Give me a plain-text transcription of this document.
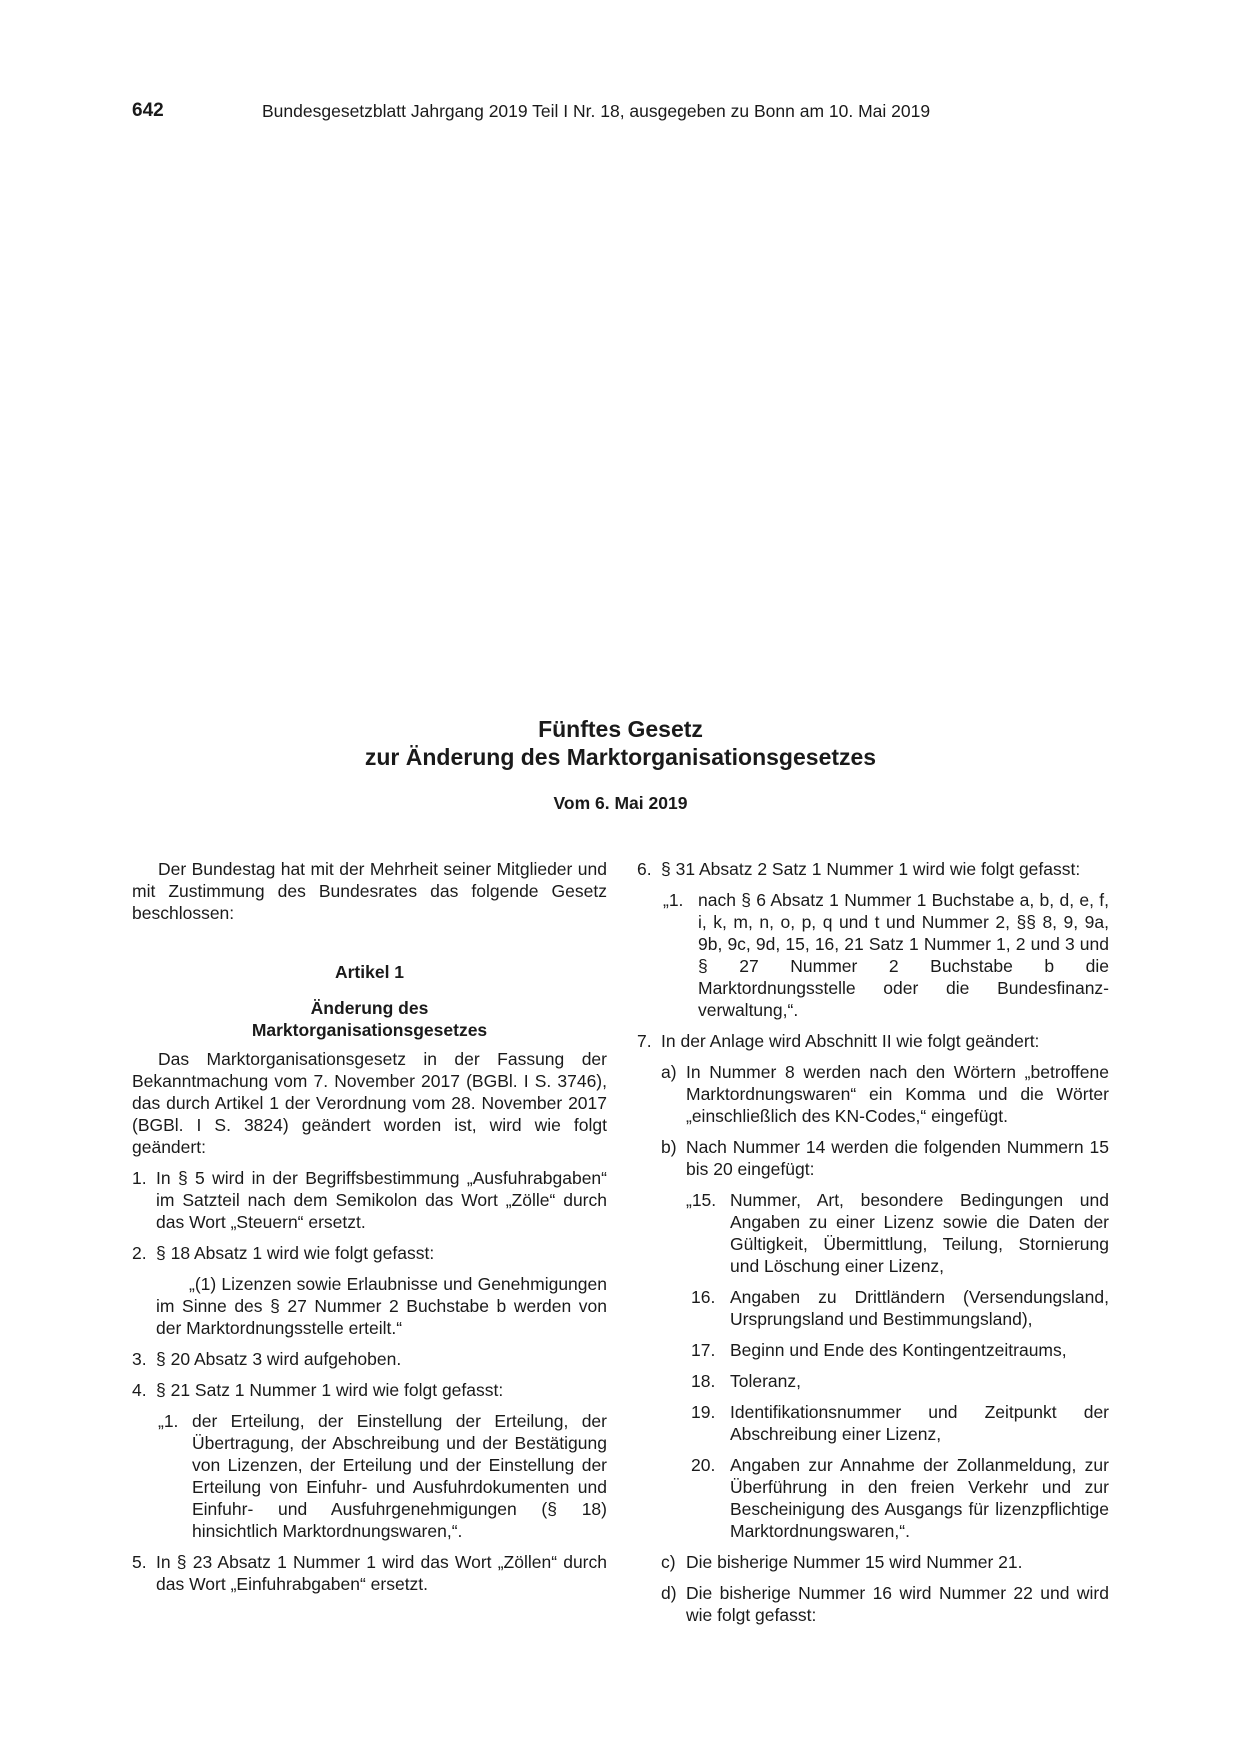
642	Bundesgesetzblatt Jahrgang 2019 Teil I Nr. 18, ausgegeben zu Bonn am 10. Mai 2019
Fünftes Gesetz
zur Änderung des Marktorganisationsgesetzes
Vom 6. Mai 2019

Der Bundestag hat mit der Mehrheit seiner Mitglieder und mit Zustimmung des Bundesrates das folgende Gesetz beschlossen:

Artikel 1

Änderung des

Marktorganisationsgesetzes

Das Marktorganisationsgesetz in der Fassung der Bekanntmachung vom 7. November 2017 (BGBl. I S. 3746), das durch Artikel 1 der Verordnung vom 28. November 2017 (BGBl. I S. 3824) geändert worden ist, wird wie folgt geändert:

1. In § 5 wird in der Begriffsbestimmung „Ausfuhrabgaben“ im Satzteil nach dem Semikolon das Wort „Zölle“ durch das Wort „Steuern“ ersetzt.
2. § 18 Absatz 1 wird wie folgt gefasst:

„(1) Lizenzen sowie Erlaubnisse und Genehmigungen im Sinne des § 27 Nummer 2 Buchstabe b werden von der Marktordnungsstelle erteilt.“

3. § 20 Absatz 3 wird aufgehoben.
4. § 21 Satz 1 Nummer 1 wird wie folgt gefasst:
„1. der Erteilung, der Einstellung der Erteilung, der Übertragung, der Abschreibung und der Bestätigung von Lizenzen, der Erteilung und der Einstellung der Erteilung von Einfuhr- und Ausfuhrdokumenten und Einfuhr- und Ausfuhrgenehmigungen (§ 18) hinsichtlich Marktordnungswaren,“.
5. In § 23 Absatz 1 Nummer 1 wird das Wort „Zöllen“ durch das Wort „Einfuhrabgaben“ ersetzt.
6. § 31 Absatz 2 Satz 1 Nummer 1 wird wie folgt gefasst:
„1. nach § 6 Absatz 1 Nummer 1 Buchstabe a, b, d, e, f, i, k, m, n, o, p, q und t und Nummer 2, §§ 8, 9, 9a, 9b, 9c, 9d, 15, 16, 21 Satz 1 Nummer 1, 2 und 3 und § 27 Nummer 2 Buchstabe b die Marktordnungsstelle oder die Bundesfinanzverwaltung,“.
7. In der Anlage wird Abschnitt II wie folgt geändert:
a) In Nummer 8 werden nach den Wörtern „betroffene Marktordnungswaren“ ein Komma und die Wörter „einschließlich des KN-Codes,“ eingefügt.
b) Nach Nummer 14 werden die folgenden Nummern 15 bis 20 eingefügt:
„15. Nummer, Art, besondere Bedingungen und Angaben zu einer Lizenz sowie die Daten der Gültigkeit, Übermittlung, Teilung, Stornierung und Löschung einer Lizenz,
16. Angaben zu Drittländern (Versendungsland, Ursprungsland und Bestimmungsland),
17. Beginn und Ende des Kontingentzeitraums,
18. Toleranz,
19. Identifikationsnummer und Zeitpunkt der Abschreibung einer Lizenz,
20. Angaben zur Annahme der Zollanmeldung, zur Überführung in den freien Verkehr und zur Bescheinigung des Ausgangs für lizenzpflichtige Marktordnungswaren,“.
c) Die bisherige Nummer 15 wird Nummer 21.
d) Die bisherige Nummer 16 wird Nummer 22 und wird wie folgt gefasst:
